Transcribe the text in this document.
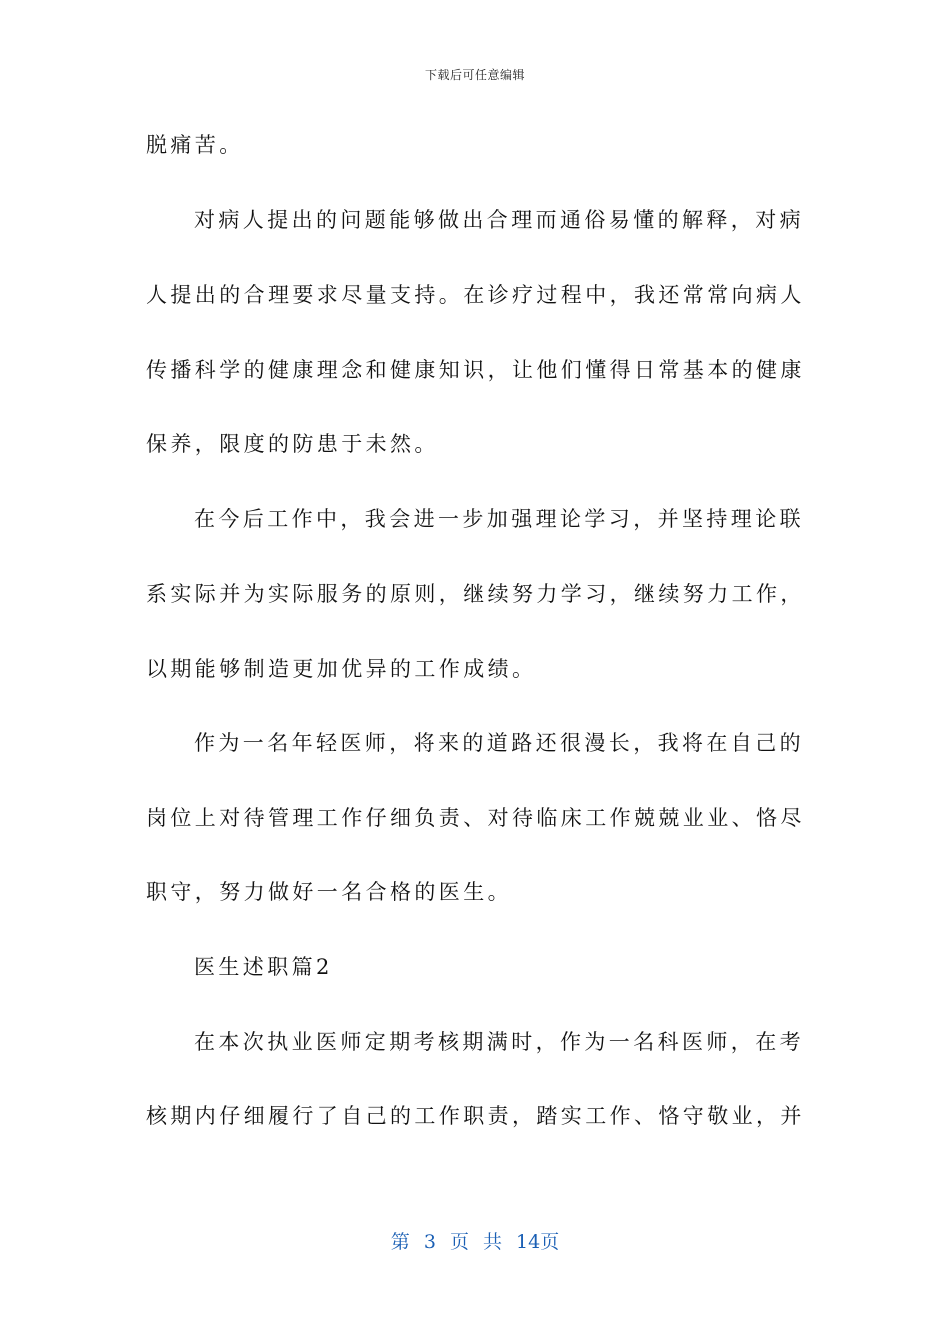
下载后可任意编辑
脱痛苦。
对病人提出的问题能够做出合理而通俗易懂的解释，对病
人提出的合理要求尽量支持。在诊疗过程中，我还常常向病人
传播科学的健康理念和健康知识，让他们懂得日常基本的健康
保养，限度的防患于未然。
在今后工作中，我会进一步加强理论学习，并坚持理论联
系实际并为实际服务的原则，继续努力学习，继续努力工作，
以期能够制造更加优异的工作成绩。
作为一名年轻医师，将来的道路还很漫长，我将在自己的
岗位上对待管理工作仔细负责、对待临床工作兢兢业业、恪尽
职守，努力做好一名合格的医生。
医生述职篇2
在本次执业医师定期考核期满时，作为一名科医师，在考
核期内仔细履行了自己的工作职责，踏实工作、恪守敬业，并
第 3 页 共 14页
